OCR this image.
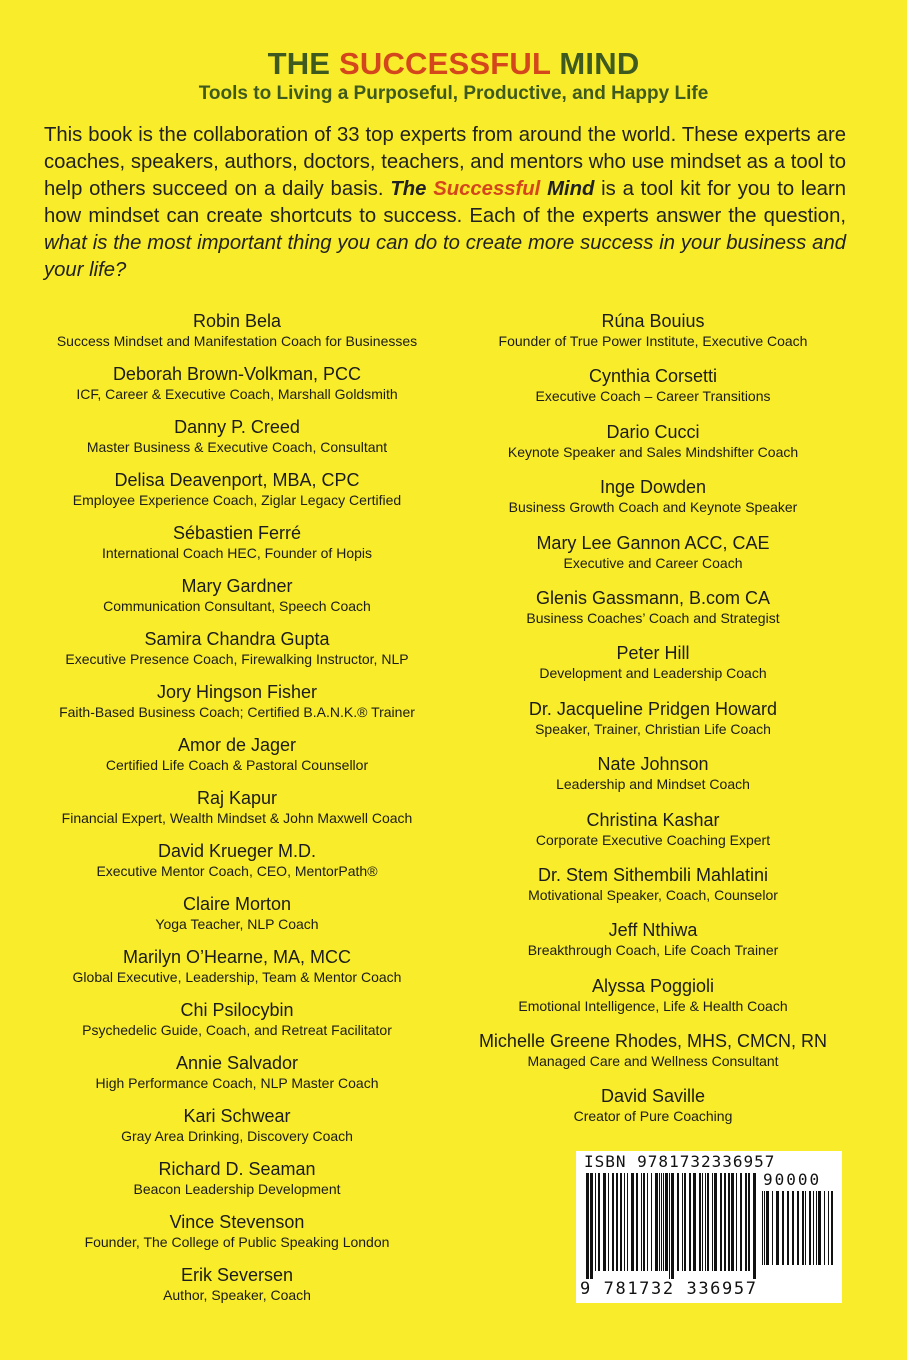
THE SUCCESSFUL MIND
Tools to Living a Purposeful, Productive, and Happy Life
This book is the collaboration of 33 top experts from around the world. These experts are coaches, speakers, authors, doctors, teachers, and mentors who use mindset as a tool to help others succeed on a daily basis. The Successful Mind is a tool kit for you to learn how mindset can create shortcuts to success. Each of the experts answer the question, what is the most important thing you can do to create more success in your business and your life?
Robin Bela
Success Mindset and Manifestation Coach for Businesses
Deborah Brown-Volkman, PCC
ICF, Career & Executive Coach, Marshall Goldsmith
Danny P. Creed
Master Business & Executive Coach, Consultant
Delisa Deavenport, MBA, CPC
Employee Experience Coach, Ziglar Legacy Certified
Sébastien Ferré
International Coach HEC, Founder of Hopis
Mary Gardner
Communication Consultant, Speech Coach
Samira Chandra Gupta
Executive Presence Coach, Firewalking Instructor, NLP
Jory Hingson Fisher
Faith-Based Business Coach; Certified B.A.N.K.® Trainer
Amor de Jager
Certified Life Coach & Pastoral Counsellor
Raj Kapur
Financial Expert, Wealth Mindset & John Maxwell Coach
David Krueger M.D.
Executive Mentor Coach, CEO, MentorPath®
Claire Morton
Yoga Teacher, NLP Coach
Marilyn O’Hearne, MA, MCC
Global Executive, Leadership, Team & Mentor Coach
Chi Psilocybin
Psychedelic Guide, Coach, and Retreat Facilitator
Annie Salvador
High Performance Coach, NLP Master Coach
Kari Schwear
Gray Area Drinking, Discovery Coach
Richard D. Seaman
Beacon Leadership Development
Vince Stevenson
Founder, The College of Public Speaking London
Erik Seversen
Author, Speaker, Coach
Rúna Bouius
Founder of True Power Institute, Executive Coach
Cynthia Corsetti
Executive Coach – Career Transitions
Dario Cucci
Keynote Speaker and Sales Mindshifter Coach
Inge Dowden
Business Growth Coach and Keynote Speaker
Mary Lee Gannon ACC, CAE
Executive and Career Coach
Glenis Gassmann, B.com CA
Business Coaches’ Coach and Strategist
Peter Hill
Development and Leadership Coach
Dr. Jacqueline Pridgen Howard
Speaker, Trainer, Christian Life Coach
Nate Johnson
Leadership and Mindset Coach
Christina Kashar
Corporate Executive Coaching Expert
Dr. Stem Sithembili Mahlatini
Motivational Speaker, Coach, Counselor
Jeff Nthiwa
Breakthrough Coach, Life Coach Trainer
Alyssa Poggioli
Emotional Intelligence, Life & Health Coach
Michelle Greene Rhodes, MHS, CMCN, RN
Managed Care and Wellness Consultant
David Saville
Creator of Pure Coaching
ISBN 9781732336957
90000
9 781732 336957
